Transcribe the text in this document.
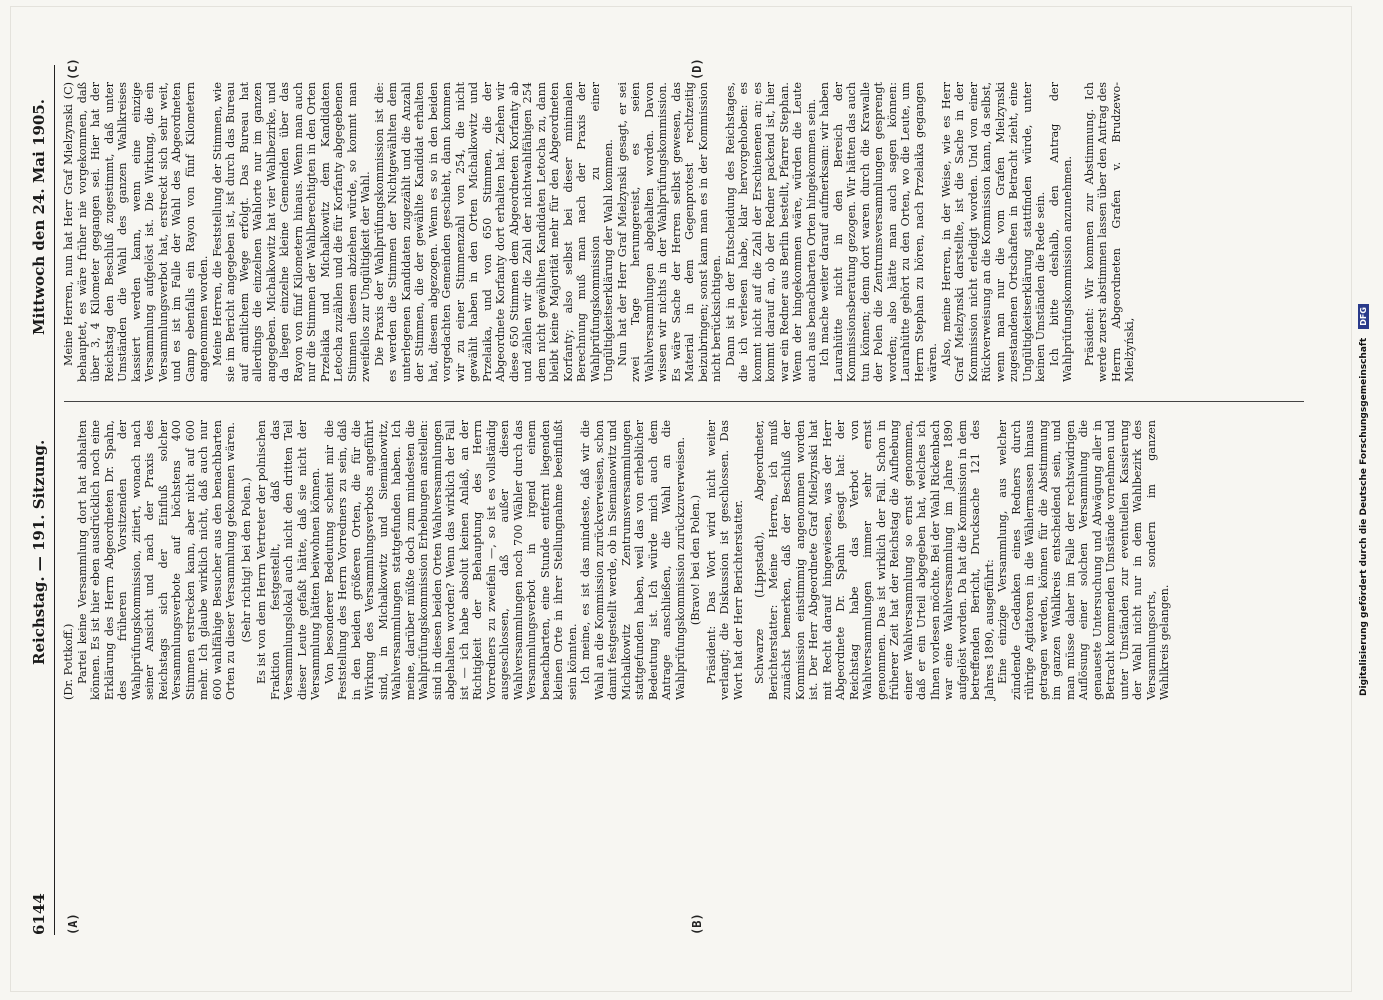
6144
Reichstag. — 191. Sitzung.
Mittwoch den 24. Mai 1905.
(A)	(B)
(C)	(D)

(Dr. Pottkoff.) Partei keine Versammlung dort hat abhalten können. Es ist hier eben ausdrücklich noch eine Erklärung des Herrn Abgeordneten Dr. Spahn, des früheren Vorsitzenden der Wahlprüfungskommission, zitiert, wonach nach seiner Ansicht und nach der Praxis des Reichstags sich der Einfluß solcher Versammlungsverbote auf höchstens 400 Stimmen erstrecken kann, aber nicht auf 600 mehr. Ich glaube wirklich nicht, daß auch nur 600 wahlfähige Besucher aus den benachbarten Orten zu dieser Versammlung gekommen wären. (Sehr richtig! bei den Polen.) Es ist von dem Herrn Vertreter der polnischen Fraktion festgestellt, daß das Versammlungslokal auch nicht den dritten Teil dieser Leute gefaßt hätte, daß sie nicht der Versammlung hätten beiwohnen können. Von besonderer Bedeutung scheint mir die Feststellung des Herrn Vorredners zu sein, daß in den beiden größeren Orten, die für die Wirkung des Versammlungsverbots angeführt sind, in Michalkowitz und Siemianowitz, Wahlversammlungen stattgefunden haben. Ich meine, darüber müßte doch zum mindesten die Wahlprüfungskommission Erhebungen anstellen: sind in diesen beiden Orten Wahlversammlungen abgehalten worden? Wenn das wirklich der Fall ist — ich habe absolut keinen Anlaß, an der Richtigkeit der Behauptung des Herrn Vorredners zu zweifeln —, so ist es vollständig ausgeschlossen, daß außer diesen Wahlversammlungen noch 700 Wähler durch das Versammlungsverbot in irgend einem benachbarten, eine Stunde entfernt liegenden kleinen Orte in ihrer Stellungnahme beeinflußt sein könnten. Ich meine, es ist das mindeste, daß wir die Wahl an die Kommission zurückverweisen, schon damit festgestellt werde, ob in Siemianowitz und Michalkowitz Zentrumsversammlungen stattgefunden haben, weil das von erheblicher Bedeutung ist. Ich würde mich auch dem Antrage anschließen, die Wahl an die Wahlprüfungskommission zurückzuverweisen. (Bravo! bei den Polen.) Präsident: Das Wort wird nicht weiter verlangt; die Diskussion ist geschlossen. Das Wort hat der Herr Berichterstatter. Schwarze (Lippstadt), Abgeordneter, Berichterstatter: Meine Herren, ich muß zunächst bemerken, daß der Beschluß der Kommission einstimmig angenommen worden ist. Der Herr Abgeordnete Graf Mielzynski hat mit Recht darauf hingewiesen, was der Herr Abgeordnete Dr. Spahn gesagt hat: der Reichstag habe das Verbot von Wahlversammlungen immer sehr ernst genommen. Das ist wirklich der Fall. Schon in früherer Zeit hat der Reichstag die Aufhebung einer Wahlversammlung so ernst genommen, daß er ein Urteil abgegeben hat, welches ich Ihnen vorlesen möchte. Bei der Wahl Rickenbach war eine Wahlversammlung im Jahre 1890 aufgelöst worden. Da hat die Kommission in dem betreffenden Bericht, Drucksache 121 des Jahres 1890, ausgeführt: Eine einzige Versammlung, aus welcher zündende Gedanken eines Redners durch rührige Agitatoren in die Wählermassen hinaus getragen werden, können für die Abstimmung im ganzen Wahlkreis entscheidend sein, und man müsse daher im Falle der rechtswidrigen Auflösung einer solchen Versammlung die genaueste Untersuchung und Abwägung aller in Betracht kommenden Umstände vornehmen und unter Umständen zur eventuellen Kassierung der Wahl nicht nur in dem Wahlbezirk des Versammlungsorts, sondern im ganzen Wahlkreis gelangen.

Meine Herren, nun hat Herr Graf Mielzynski (C) behauptet, es wäre früher nie vorgekommen, daß über 3, 4 Kilometer gegangen sei. Hier hat der Reichstag den Beschluß zugestimmt, daß unter Umständen die Wahl des ganzen Wahlkreises kassiert werden kann, wenn eine einzige Versammlung aufgelöst ist. Die Wirkung, die ein Versammlungsverbot hat, erstreckt sich sehr weit, und es ist im Falle der Wahl des Abgeordneten Gamp ebenfalls ein Rayon von fünf Kilometern angenommen worden. Meine Herren, die Feststellung der Stimmen, wie sie im Bericht angegeben ist, ist durch das Bureau auf amtlichem Wege erfolgt. Das Bureau hat allerdings die einzelnen Wahlorte nur im ganzen angegeben. Michalkowitz hat vier Wahlbezirke, und da liegen einzelne kleine Gemeinden über das Rayon von fünf Kilometern hinaus. Wenn man auch nur die Stimmen der Wahlberechtigten in den Orten Przelaika und Michalkowitz dem Kandidaten Letocha zuzählen und die für Korfanty abgegebenen Stimmen diesem abziehen würde, so kommt man zweifellos zur Ungültigkeit der Wahl. Die Praxis der Wahlprüfungskommission ist die: es werden die Stimmen der Nichtgewählten dem unterlegenen Kandidaten zugezählt und die Anzahl der Stimmen, die der gewählte Kandidat erhalten hat, diesem abgezogen. Wenn es so in den beiden vorgedachten Gemeinden geschieht, dann kommen wir zu einer Stimmenzahl von 254, die nicht gewählt haben in den Orten Michalkowitz und Przelaika, und von 650 Stimmen, die der Abgeordnete Korfanty dort erhalten hat. Ziehen wir diese 650 Stimmen dem Abgeordneten Korfanty ab und zählen wir die Zahl der nichtwahlfähigen 254 dem nicht gewählten Kandidaten Letocha zu, dann bleibt keine Majorität mehr für den Abgeordneten Korfanty; also selbst bei dieser minimalen Berechnung muß man nach der Praxis der Wahlprüfungskommission zu einer Ungültigkeitserklärung der Wahl kommen. Nun hat der Herr Graf Mielzynski gesagt, er sei zwei Tage herumgereist, es seien Wahlversammlungen abgehalten worden. Davon wissen wir nichts in der Wahlprüfungskommission. Es wäre Sache der Herren selbst gewesen, das Material in dem Gegenprotest rechtzeitig beizubringen; sonst kann man es in der Kommission nicht berücksichtigen. Dann ist in der Entscheidung des Reichstages, die ich verlesen habe, klar hervorgehoben: es kommt nicht auf die Zahl der Erschienenen an; es kommt darauf an, ob der Redner packend ist, hier war ein Redner aus Berlin bestellt, Pfarrer Stephan. Wenn der hingekommen wäre, würden die Leute auch aus benachbarten Orten hingekommen sein. Ich mache weiter darauf aufmerksam: wir haben Laurahütte nicht in den Bereich der Kommissionsberatung gezogen. Wir hätten das auch tun können; denn dort waren durch die Krawalle der Polen die Zentrumsversammlungen gesprengt worden; also hätte man auch sagen können: Laurahütte gehört zu den Orten, wo die Leute, um Herrn Stephan zu hören, nach Przelaika gegangen wären. Also, meine Herren, in der Weise, wie es Herr Graf Mielzynski darstellte, ist die Sache in der Kommission nicht erledigt worden. Und von einer Rückverweisung an die Kommission kann, da selbst, wenn man nur die vom Grafen Mielzynski zugestandenen Ortschaften in Betracht zieht, eine Ungültigkeitserklärung stattfinden würde, unter keinen Umständen die Rede sein. Ich bitte deshalb, den Antrag der Wahlprüfungskommission anzunehmen. Präsident: Wir kommen zur Abstimmung. Ich werde zuerst abstimmen lassen über den Antrag des Herrn Abgeordneten Grafen v. Brudzewo-Mielżyński,	Digitalisierung gefördert durch die Deutsche Forschungsgemeinschaft DFG
